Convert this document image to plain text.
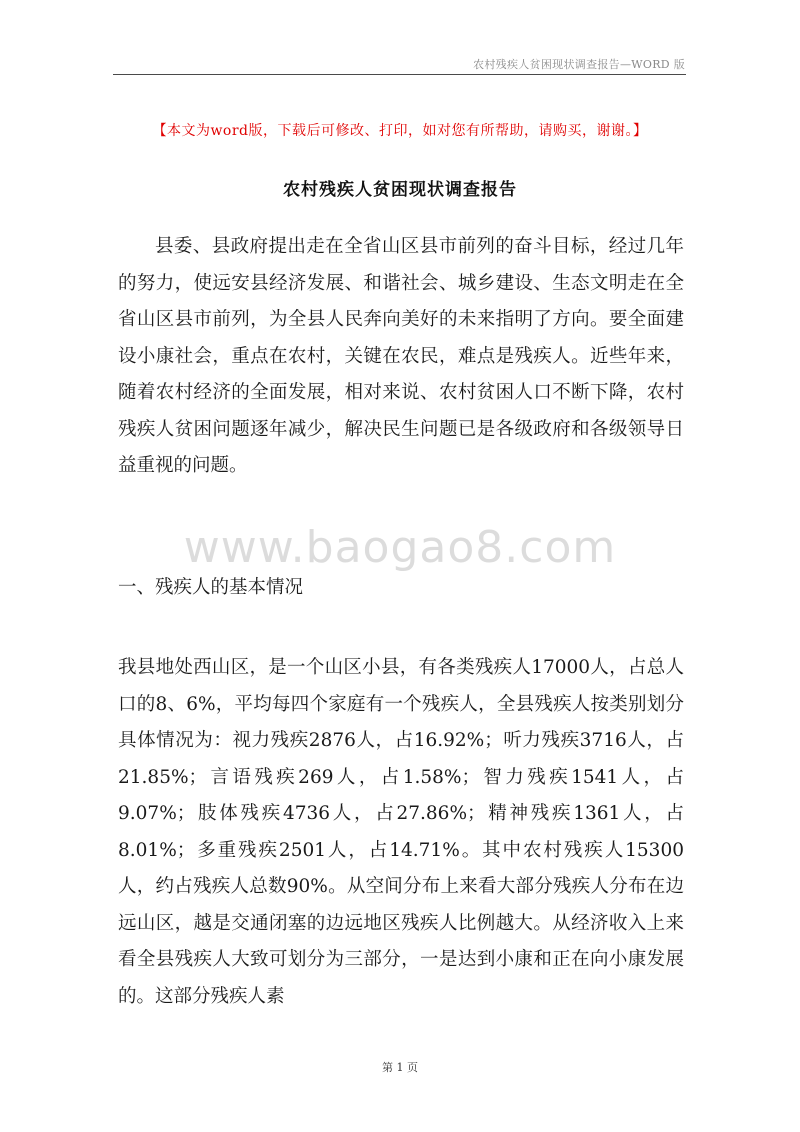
农村残疾人贫困现状调查报告—WORD 版
【本文为word版，下载后可修改、打印，如对您有所帮助，请购买，谢谢。】
农村残疾人贫困现状调查报告

县委、县政府提出走在全省山区县市前列的奋斗目标，经过几年的努力，使远安县经济发展、和谐社会、城乡建设、生态文明走在全省山区县市前列，为全县人民奔向美好的未来指明了方向。要全面建设小康社会，重点在农村，关键在农民，难点是残疾人。近些年来，随着农村经济的全面发展，相对来说、农村贫困人口不断下降，农村残疾人贫困问题逐年减少，解决民生问题已是各级政府和各级领导日益重视的问题。

www.baogao8.com
一、残疾人的基本情况

我县地处西山区，是一个山区小县，有各类残疾人17000人，占总人口的8、6%，平均每四个家庭有一个残疾人，全县残疾人按类别划分具体情况为：视力残疾2876人，占16.92%；听力残疾3716人，占21.85%；言语残疾269人，占1.58%；智力残疾1541人，占9.07%；肢体残疾4736人，占27.86%；精神残疾1361人，占8.01%；多重残疾2501人，占14.71%。其中农村残疾人15300人，约占残疾人总数90%。从空间分布上来看大部分残疾人分布在边远山区，越是交通闭塞的边远地区残疾人比例越大。从经济收入上来看全县残疾人大致可划分为三部分，一是达到小康和正在向小康发展的。这部分残疾人素

第 1 页
